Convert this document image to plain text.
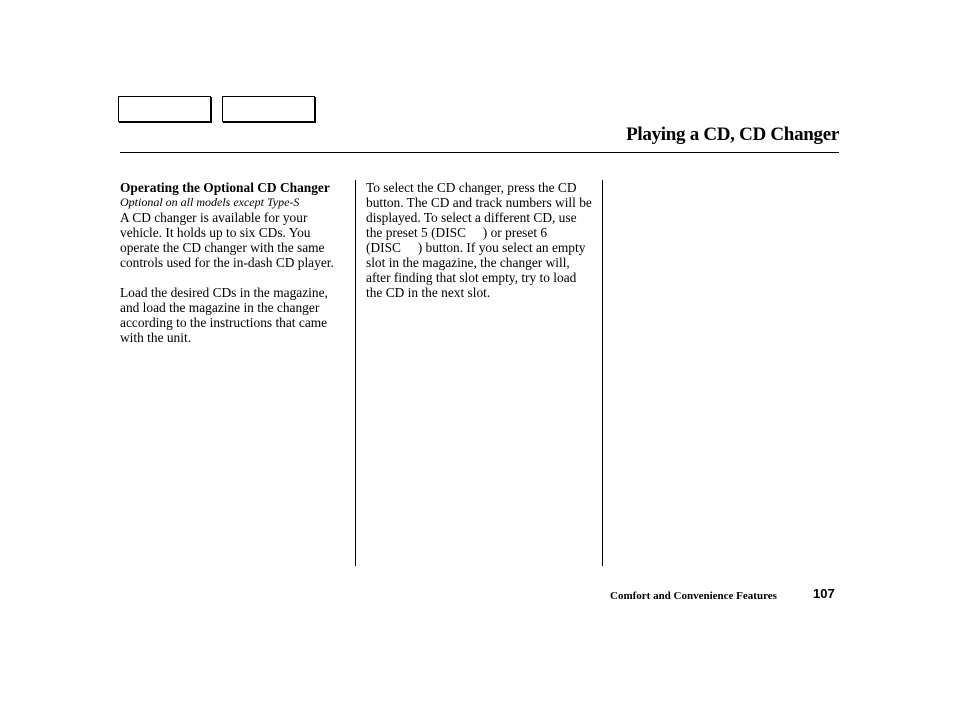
Playing a CD, CD Changer
Operating the Optional CD Changer

Optional on all models except Type-S

A CD changer is available for your vehicle. It holds up to six CDs. You operate the CD changer with the same controls used for the in-dash CD player.

Load the desired CDs in the magazine, and load the magazine in the changer according to the instructions that came with the unit.

To select the CD changer, press the CD button. The CD and track numbers will be displayed. To select a different CD, use the preset 5 (DISC     ) or preset 6 (DISC     ) button. If you select an empty slot in the magazine, the changer will, after finding that slot empty, try to load the CD in the next slot.

Comfort and Convenience Features	107
